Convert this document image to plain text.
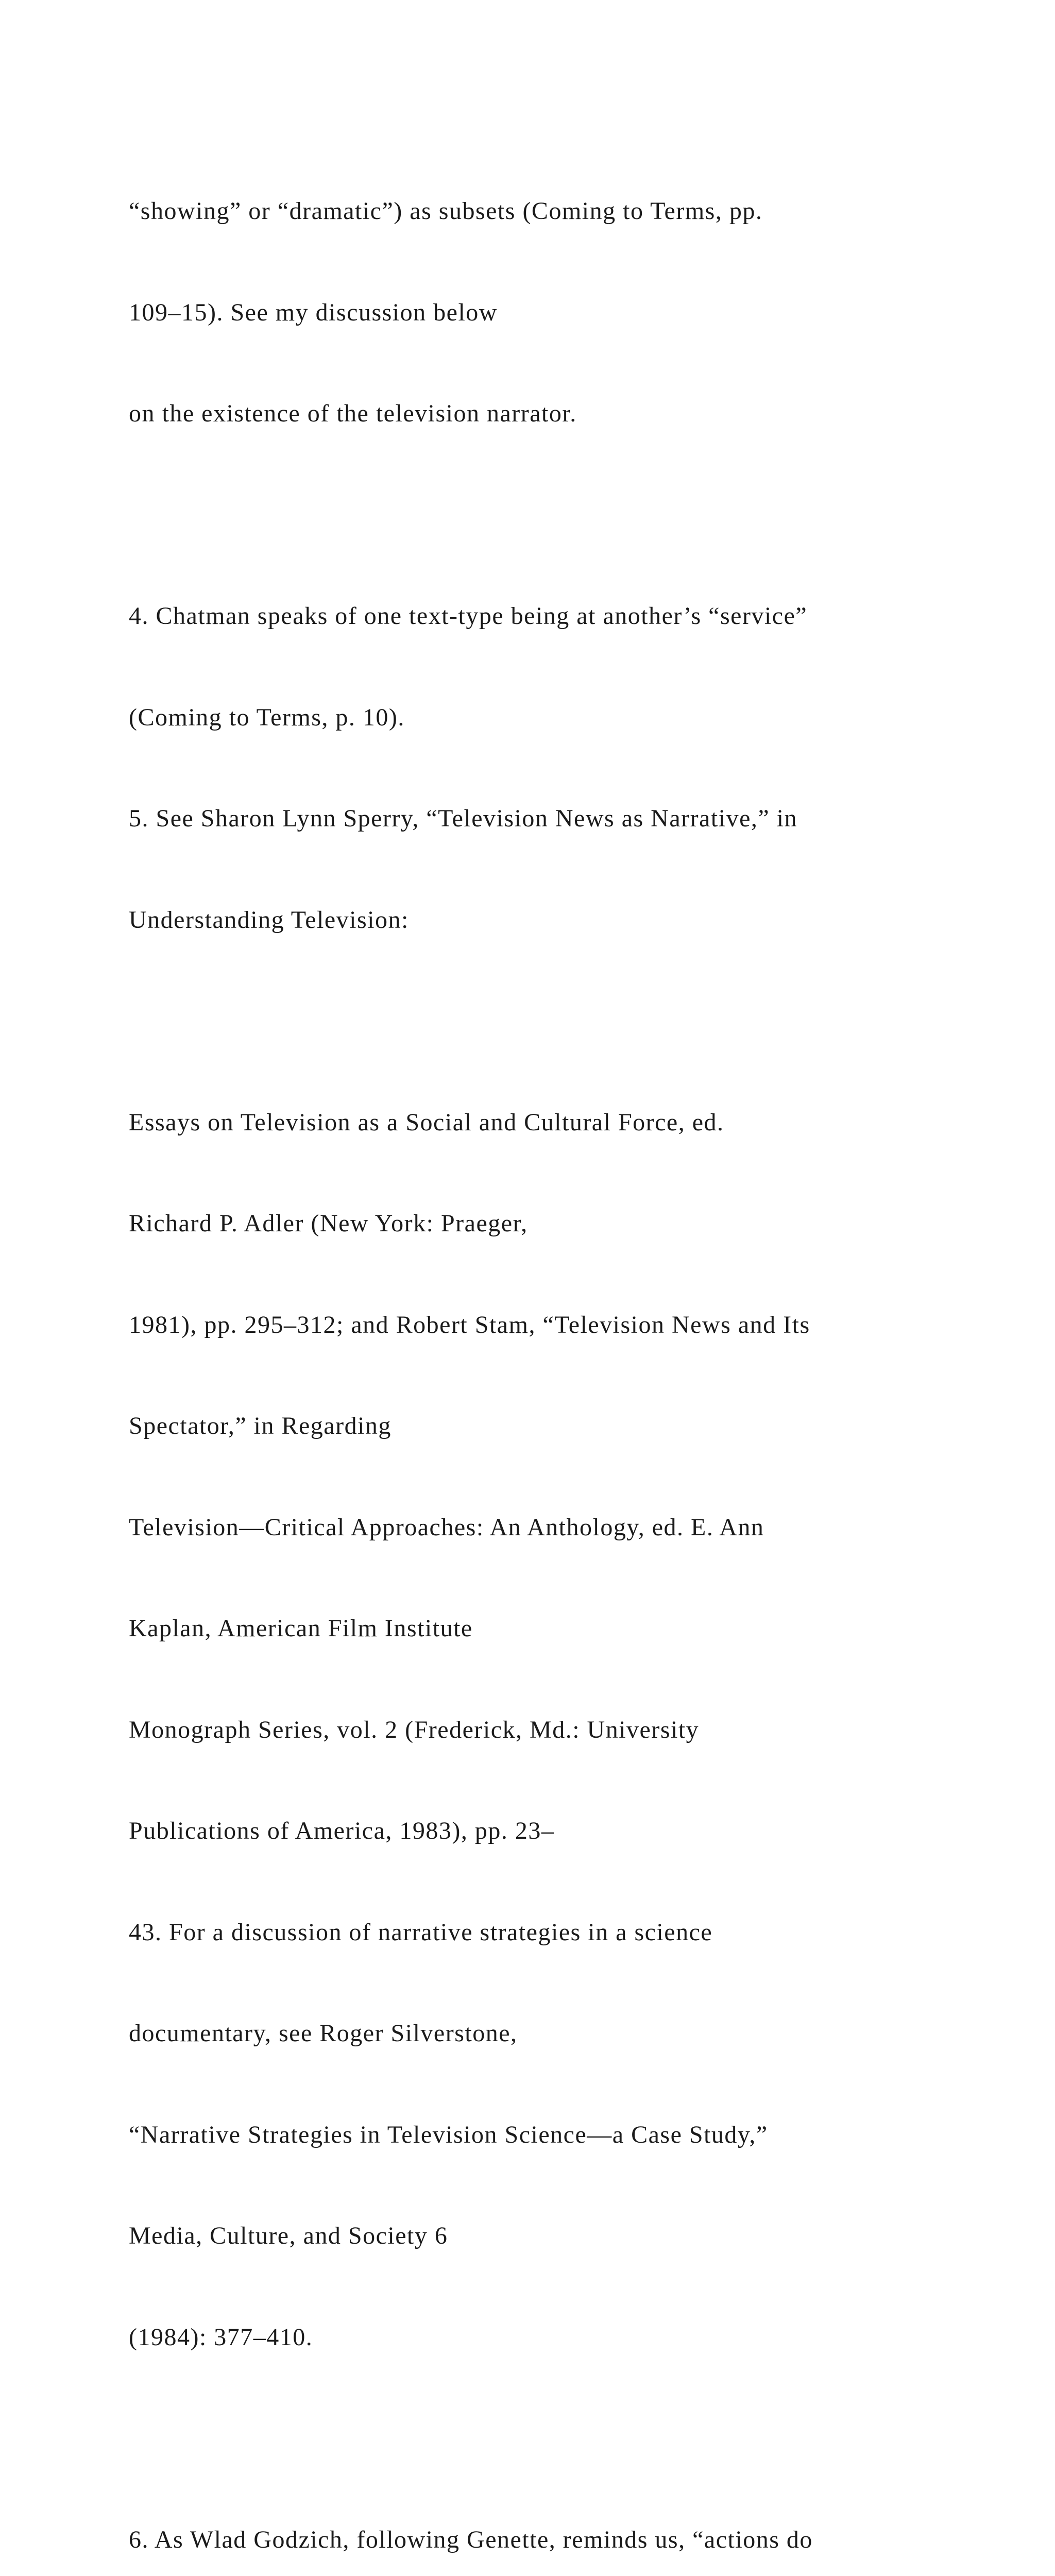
“showing” or “dramatic”) as subsets (Coming to Terms, pp.

109–15). See my discussion below

on the existence of the television narrator.

4. Chatman speaks of one text-type being at another’s “service”

(Coming to Terms, p. 10).

5. See Sharon Lynn Sperry, “Television News as Narrative,” in

Understanding Television:

Essays on Television as a Social and Cultural Force, ed.

Richard P. Adler (New York: Praeger,

1981), pp. 295–312; and Robert Stam, “Television News and Its

Spectator,” in Regarding

Television—Critical Approaches: An Anthology, ed. E. Ann

Kaplan, American Film Institute

Monograph Series, vol. 2 (Frederick, Md.: University

Publications of America, 1983), pp. 23–

43. For a discussion of narrative strategies in a science

documentary, see Roger Silverstone,

“Narrative Strategies in Television Science—a Case Study,”

Media, Culture, and Society 6

(1984): 377–410.

6. As Wlad Godzich, following Genette, reminds us, “actions do
